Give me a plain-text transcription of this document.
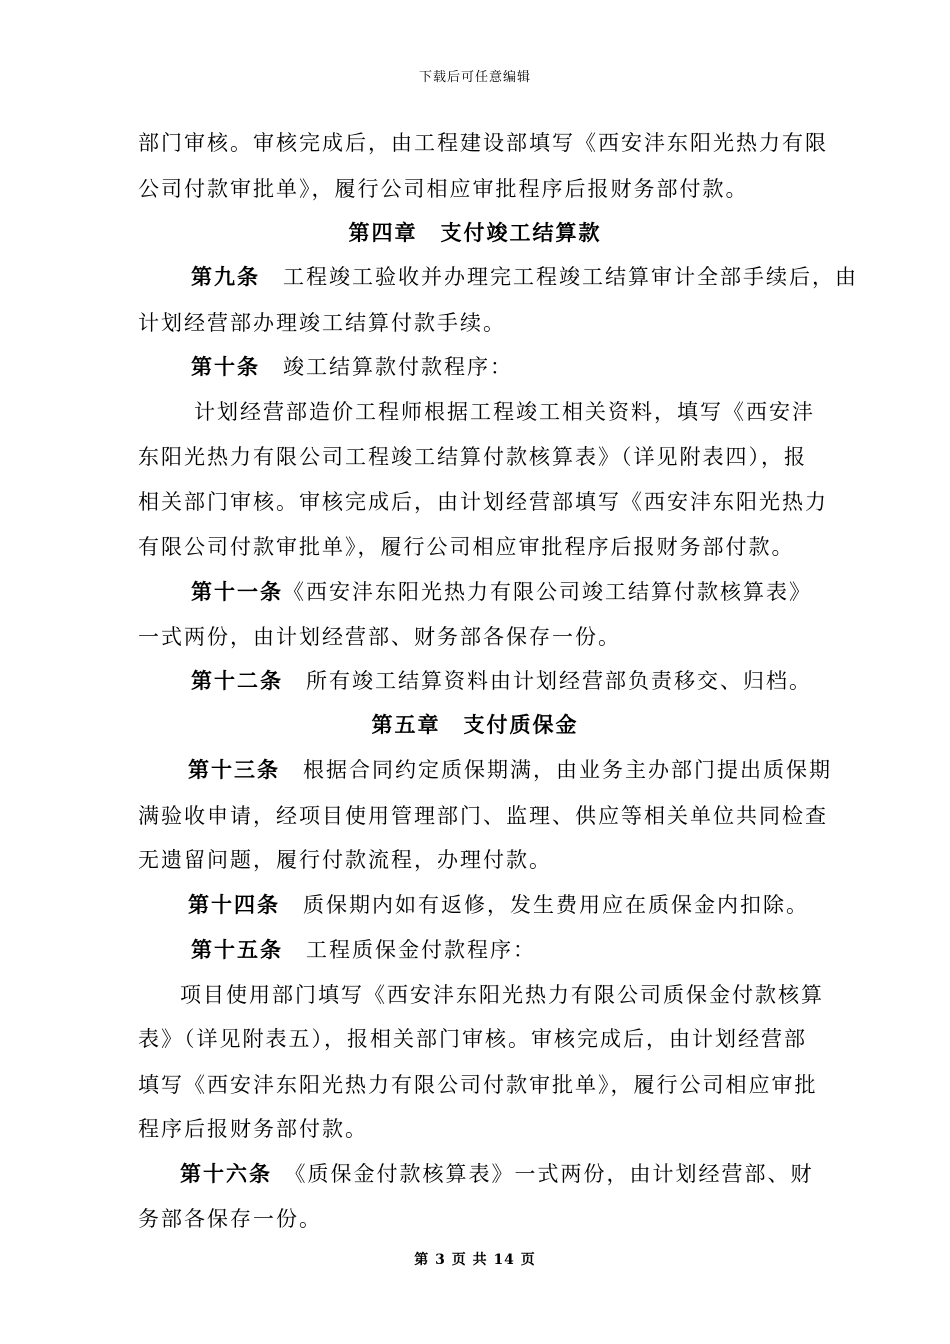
下载后可任意编辑
部门审核。审核完成后，由工程建设部填写《西安沣东阳光热力有限
公司付款审批单》，履行公司相应审批程序后报财务部付款。
第四章　支付竣工结算款
第九条　工程竣工验收并办理完工程竣工结算审计全部手续后，由
计划经营部办理竣工结算付款手续。
第十条　竣工结算款付款程序：
计划经营部造价工程师根据工程竣工相关资料，填写《西安沣
东阳光热力有限公司工程竣工结算付款核算表》（详见附表四），报
相关部门审核。审核完成后，由计划经营部填写《西安沣东阳光热力
有限公司付款审批单》，履行公司相应审批程序后报财务部付款。
第十一条《西安沣东阳光热力有限公司竣工结算付款核算表》
一式两份，由计划经营部、财务部各保存一份。
第十二条　所有竣工结算资料由计划经营部负责移交、归档。
第五章　支付质保金
第十三条　根据合同约定质保期满，由业务主办部门提出质保期
满验收申请，经项目使用管理部门、监理、供应等相关单位共同检查
无遗留问题，履行付款流程，办理付款。
第十四条　质保期内如有返修，发生费用应在质保金内扣除。
第十五条　工程质保金付款程序：
项目使用部门填写《西安沣东阳光热力有限公司质保金付款核算
表》（详见附表五），报相关部门审核。审核完成后，由计划经营部
填写《西安沣东阳光热力有限公司付款审批单》，履行公司相应审批
程序后报财务部付款。
第十六条　《质保金付款核算表》一式两份，由计划经营部、财
务部各保存一份。
第 3 页 共 14 页
